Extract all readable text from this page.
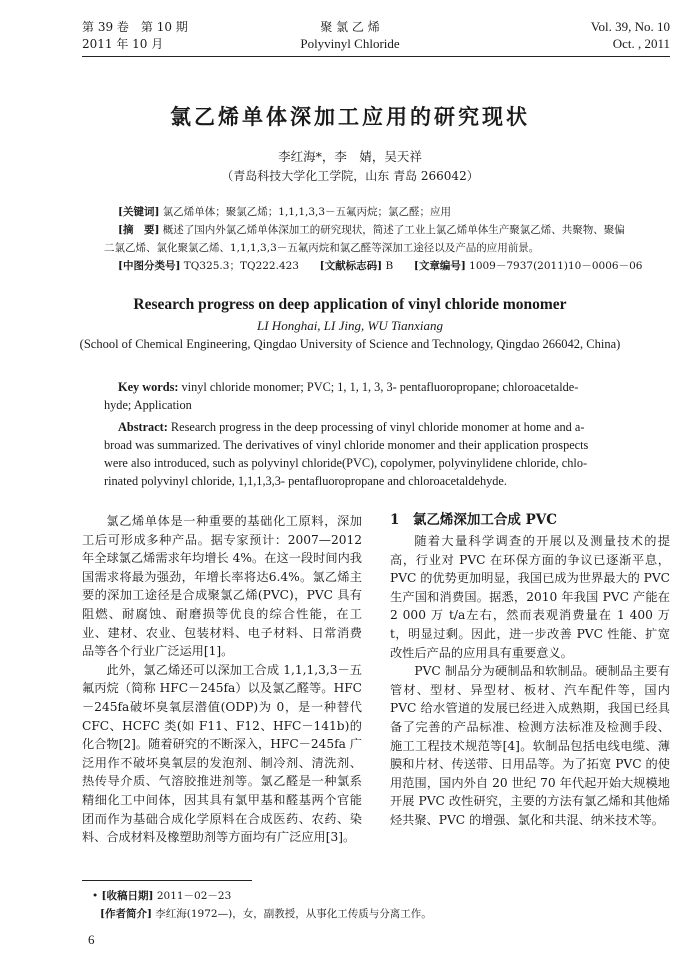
第 39 卷　第 10 期
2011 年 10 月
聚 氯 乙 烯
Polyvinyl Chloride
Vol. 39, No. 10
Oct. , 2011
氯乙烯单体深加工应用的研究现状
李红海*，李　婧，吴天祥
（青岛科技大学化工学院，山东 青岛 266042）
[关键词] 氯乙烯单体；聚氯乙烯；1,1,1,3,3－五氟丙烷；氯乙醛；应用
[摘　要] 概述了国内外氯乙烯单体深加工的研究现状，简述了工业上氯乙烯单体生产聚氯乙烯、共聚物、聚偏
二氯乙烯、氯化聚氯乙烯、1,1,1,3,3－五氟丙烷和氯乙醛等深加工途径以及产品的应用前景。
[中图分类号] TQ325.3；TQ222.423 [文献标志码] B [文章编号] 1009－7937(2011)10－0006－06
Research progress on deep application of vinyl chloride monomer
LI Honghai, LI Jing, WU Tianxiang
(School of Chemical Engineering, Qingdao University of Science and Technology, Qingdao 266042, China)
Key words: vinyl chloride monomer; PVC; 1, 1, 1, 3, 3- pentafluoropropane; chloroacetalde-
hyde; Application
Abstract: Research progress in the deep processing of vinyl chloride monomer at home and a-
broad was summarized. The derivatives of vinyl chloride monomer and their application prospects
were also introduced, such as polyvinyl chloride(PVC), copolymer, polyvinylidene chloride, chlo-
rinated polyvinyl chloride, 1,1,1,3,3- pentafluoropropane and chloroacetaldehyde.

氯乙烯单体是一种重要的基础化工原料，深加工后可形成多种产品。据专家预计：2007—2012 年全球氯乙烯需求年均增长 4%。在这一段时间内我国需求将最为强劲，年增长率将达6.4%。氯乙烯主要的深加工途径是合成聚氯乙烯(PVC)，PVC 具有阻燃、耐腐蚀、耐磨损等优良的综合性能，在工业、建材、农业、包装材料、电子材料、日常消费品等各个行业广泛运用[1]。

此外，氯乙烯还可以深加工合成 1,1,1,3,3－五氟丙烷（简称 HFC－245fa）以及氯乙醛等。HFC－245fa破坏臭氧层潜值(ODP)为 0，是一种替代 CFC、HCFC 类(如 F11、F12、HFC－141b)的化合物[2]。随着研究的不断深入，HFC－245fa 广泛用作不破坏臭氧层的发泡剂、制冷剂、清洗剂、热传导介质、气溶胶推进剂等。氯乙醛是一种氯系精细化工中间体，因其具有氯甲基和醛基两个官能团而作为基础合成化学原料在合成医药、农药、染料、合成材料及橡塑助剂等方面均有广泛应用[3]。

1　氯乙烯深加工合成 PVC

随着大量科学调查的开展以及测量技术的提高，行业对 PVC 在环保方面的争议已逐渐平息，PVC 的优势更加明显，我国已成为世界最大的 PVC 生产国和消费国。据悉，2010 年我国 PVC 产能在 2 000 万 t/a左右，然而表观消费量在 1 400 万 t，明显过剩。因此，进一步改善 PVC 性能、扩宽改性后产品的应用具有重要意义。

PVC 制品分为硬制品和软制品。硬制品主要有管材、型材、异型材、板材、汽车配件等，国内 PVC 给水管道的发展已经进入成熟期，我国已经具备了完善的产品标准、检测方法标准及检测手段、施工工程技术规范等[4]。软制品包括电线电缆、薄膜和片材、传送带、日用品等。为了拓宽 PVC 的使用范围，国内外自 20 世纪 70 年代起开始大规模地开展 PVC 改性研究，主要的方法有氯乙烯和其他烯烃共聚、PVC 的增强、氯化和共混、纳米技术等。

• [收稿日期] 2011－02－23
[作者简介] 李红海(1972—)，女，副教授，从事化工传质与分离工作。
6
